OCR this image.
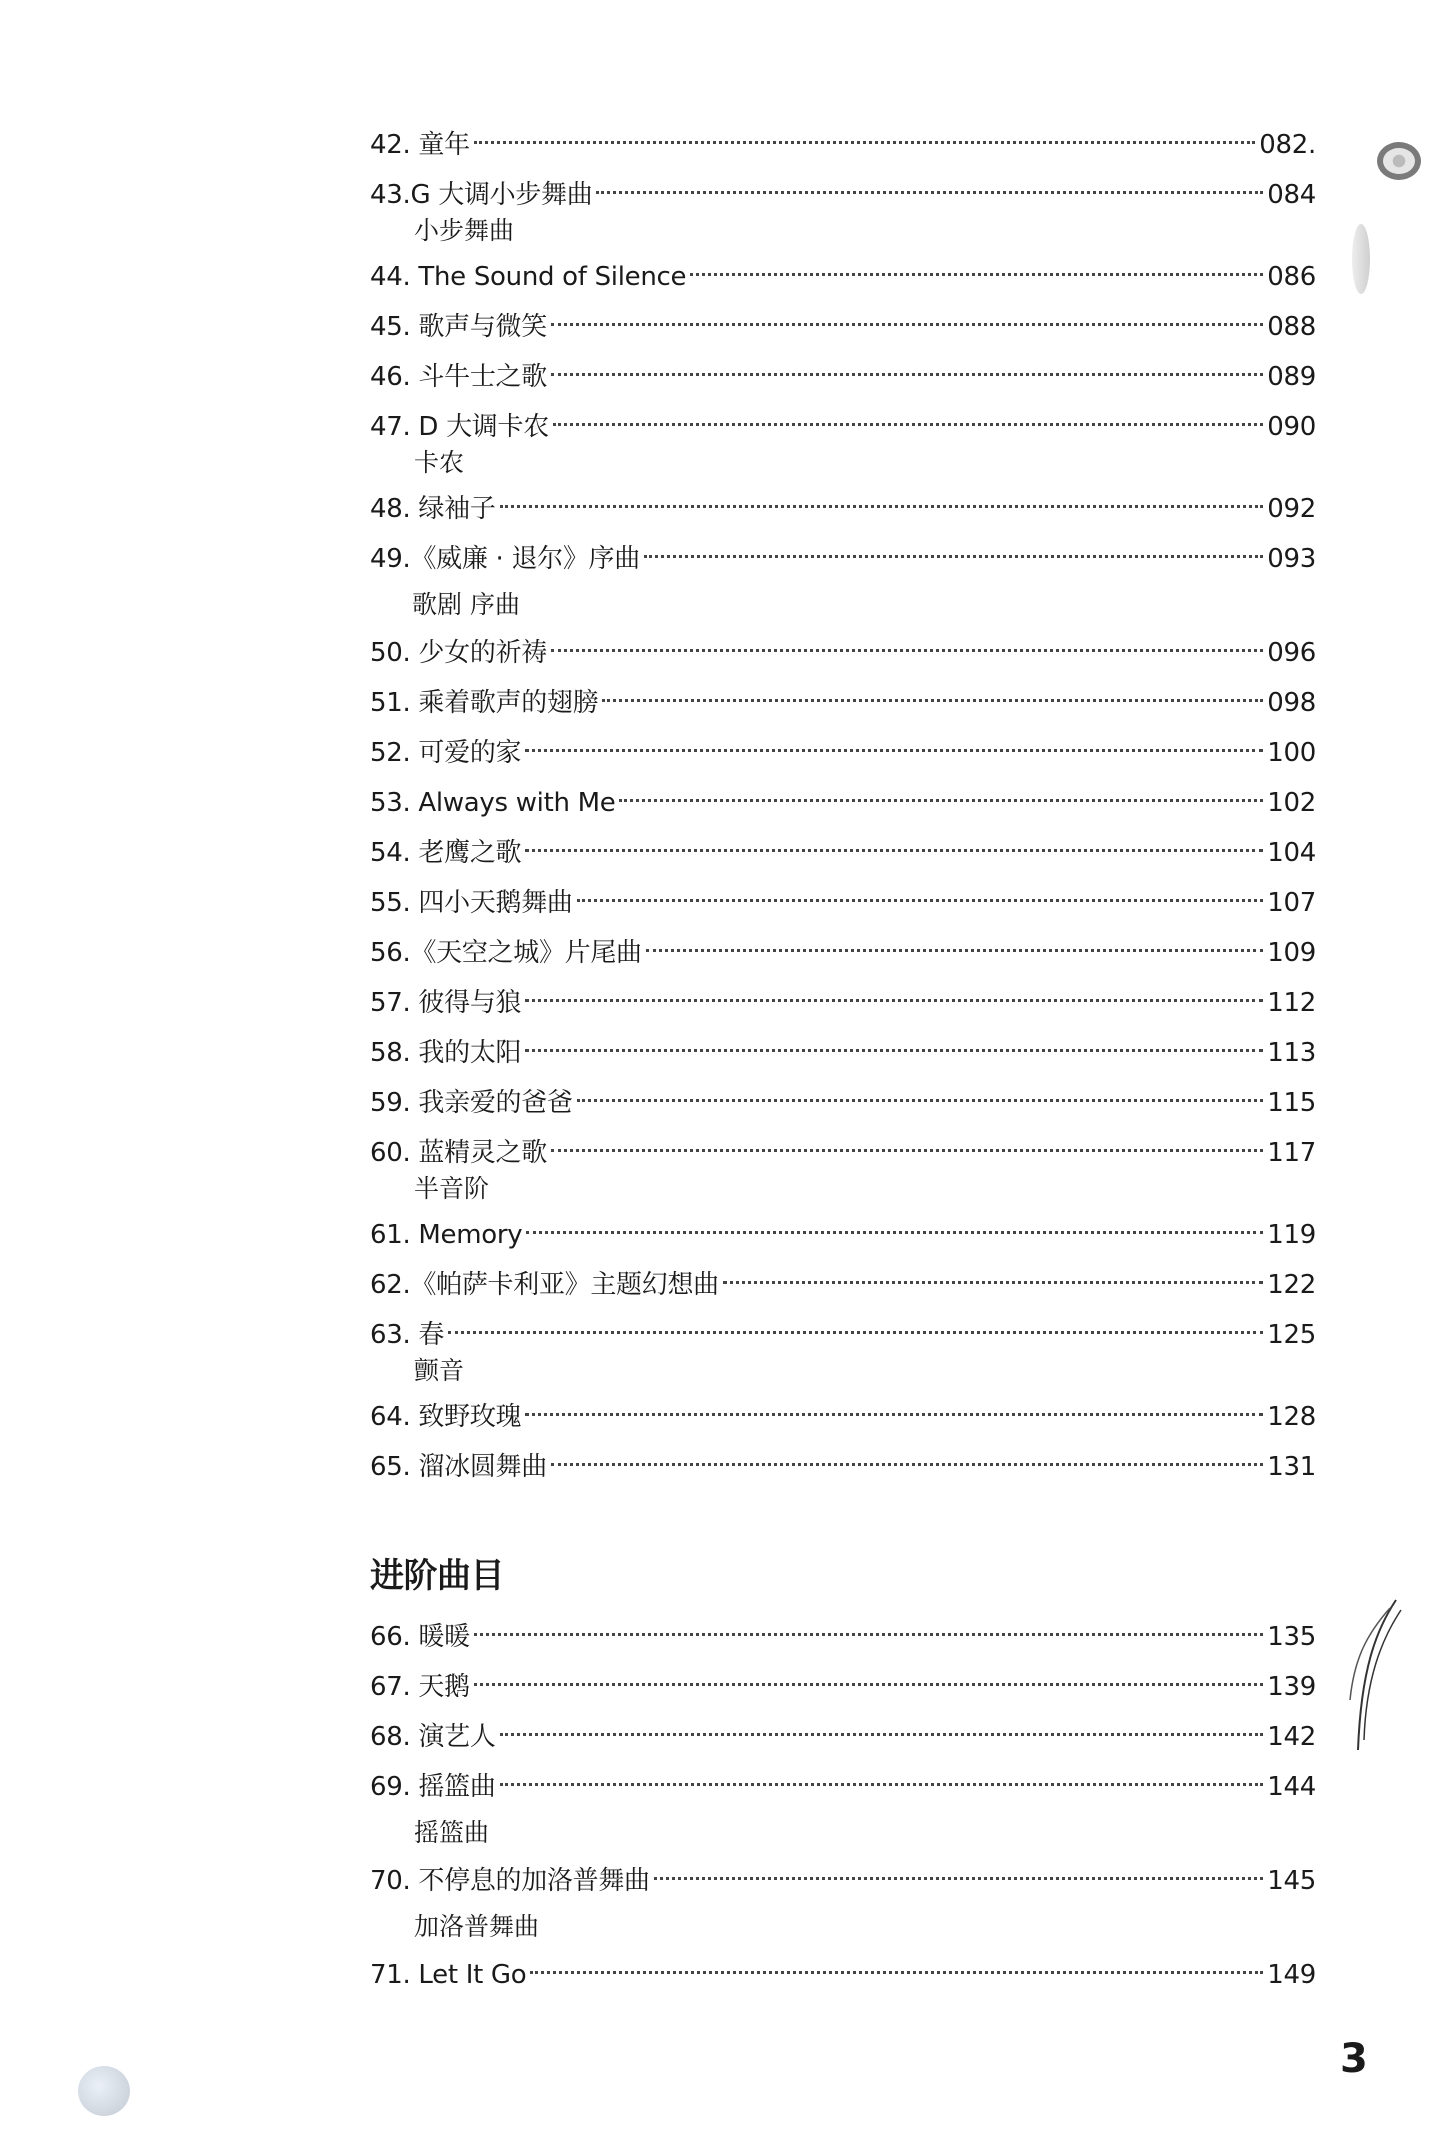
进阶曲目
42. 童年	082.
43.G 大调小步舞曲	084
小步舞曲
44. The Sound of Silence	086
45. 歌声与微笑	088
46. 斗牛士之歌	089
47. D 大调卡农	090
卡农
48. 绿袖子	092
49.《威廉 · 退尔》序曲	093
歌剧 序曲
50. 少女的祈祷	096
51. 乘着歌声的翅膀	098
52. 可爱的家	100
53. Always with Me	102
54. 老鹰之歌	104
55. 四小天鹅舞曲	107
56.《天空之城》片尾曲	109
57. 彼得与狼	112
58. 我的太阳	113
59. 我亲爱的爸爸	115
60. 蓝精灵之歌	117
半音阶
61. Memory	119
62.《帕萨卡利亚》主题幻想曲	122
63. 春	125
颤音
64. 致野玫瑰	128
65. 溜冰圆舞曲	131
66. 暖暖	135
67. 天鹅	139
68. 演艺人	142
69. 摇篮曲	144
摇篮曲
70. 不停息的加洛普舞曲	145
加洛普舞曲
71. Let It Go	149
3
